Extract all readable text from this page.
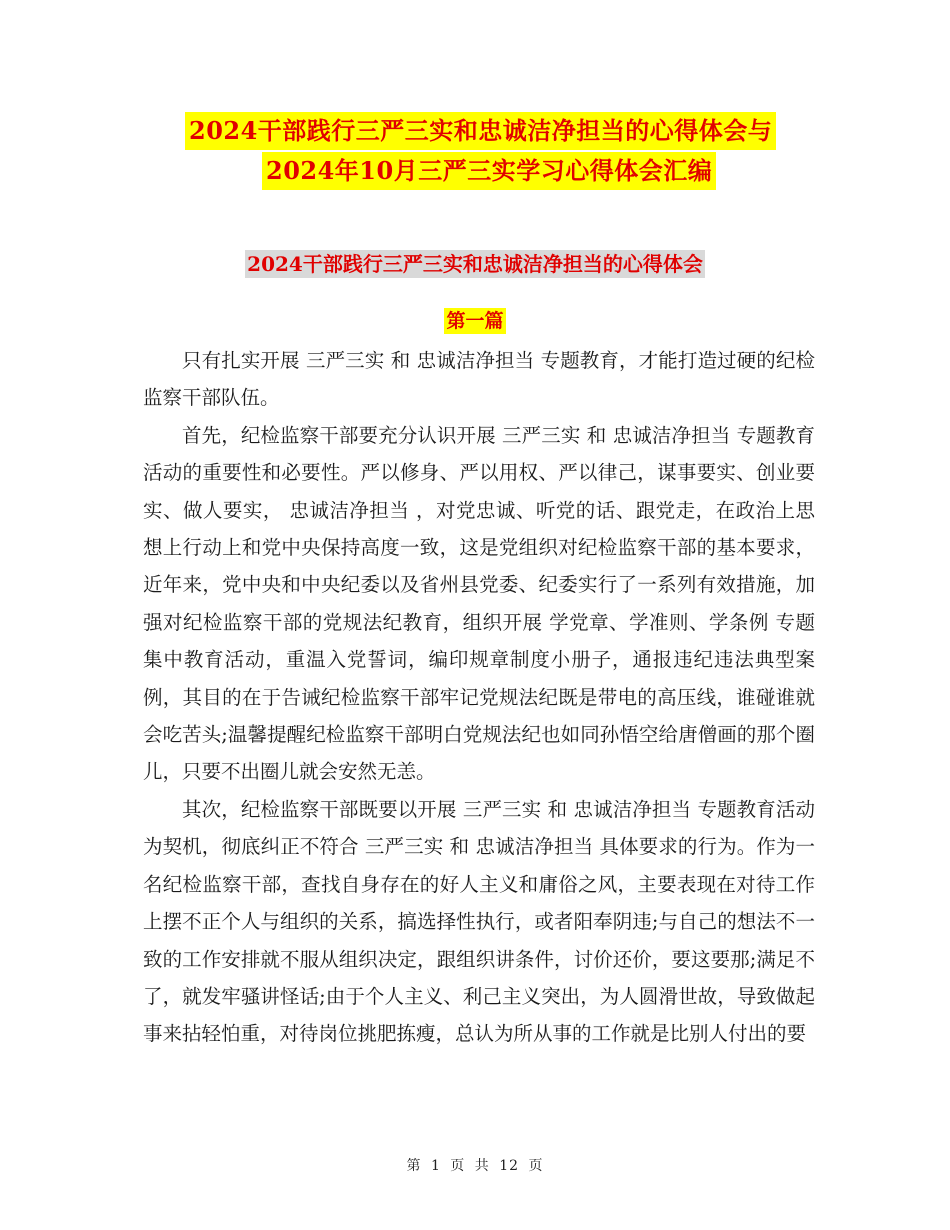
2024干部践行三严三实和忠诚洁净担当的心得体会与 2024年10月三严三实学习心得体会汇编
2024干部践行三严三实和忠诚洁净担当的心得体会
第一篇

只有扎实开展 三严三实 和 忠诚洁净担当 专题教育，才能打造过硬的纪检监察干部队伍。

首先，纪检监察干部要充分认识开展 三严三实 和 忠诚洁净担当 专题教育活动的重要性和必要性。严以修身、严以用权、严以律己，谋事要实、创业要实、做人要实， 忠诚洁净担当 ，对党忠诚、听党的话、跟党走，在政治上思想上行动上和党中央保持高度一致，这是党组织对纪检监察干部的基本要求，近年来，党中央和中央纪委以及省州县党委、纪委实行了一系列有效措施，加强对纪检监察干部的党规法纪教育，组织开展 学党章、学准则、学条例 专题集中教育活动，重温入党誓词，编印规章制度小册子，通报违纪违法典型案例，其目的在于告诫纪检监察干部牢记党规法纪既是带电的高压线，谁碰谁就会吃苦头;温馨提醒纪检监察干部明白党规法纪也如同孙悟空给唐僧画的那个圈儿，只要不出圈儿就会安然无恙。

其次，纪检监察干部既要以开展 三严三实 和 忠诚洁净担当 专题教育活动为契机，彻底纠正不符合 三严三实 和 忠诚洁净担当 具体要求的行为。作为一名纪检监察干部，查找自身存在的好人主义和庸俗之风，主要表现在对待工作上摆不正个人与组织的关系，搞选择性执行，或者阳奉阴违;与自己的想法不一致的工作安排就不服从组织决定，跟组织讲条件，讨价还价，要这要那;满足不了，就发牢骚讲怪话;由于个人主义、利己主义突出，为人圆滑世故，导致做起事来拈轻怕重，对待岗位挑肥拣瘦，总认为所从事的工作就是比别人付出的要

第 1 页 共 12 页
